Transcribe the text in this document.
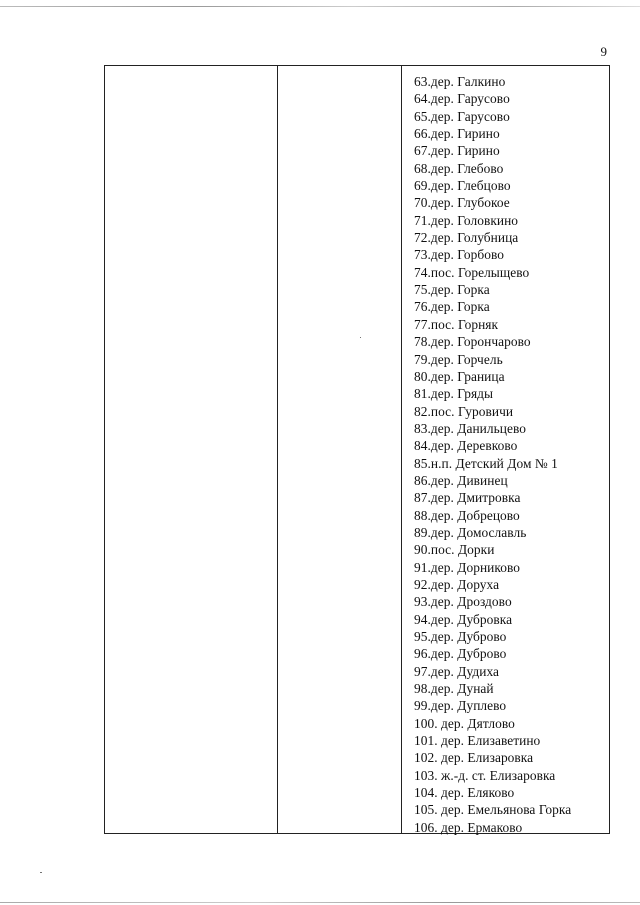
9
63.дер. Галкино
64.дер. Гарусово
65.дер. Гарусово
66.дер. Гирино
67.дер. Гирино
68.дер. Глебово
69.дер. Глебцово
70.дер. Глубокое
71.дер. Головкино
72.дер. Голубница
73.дер. Горбово
74.пос. Горелыщево
75.дер. Горка
76.дер. Горка
77.пос. Горняк
78.дер. Горончарово
79.дер. Горчель
80.дер. Граница
81.дер. Гряды
82.пос. Гуровичи
83.дер. Данильцево
84.дер. Деревково
85.н.п. Детский Дом № 1
86.дер. Дивинец
87.дер. Дмитровка
88.дер. Добрецово
89.дер. Домославль
90.пос. Дорки
91.дер. Дорниково
92.дер. Доруха
93.дер. Дроздово
94.дер. Дубровка
95.дер. Дуброво
96.дер. Дуброво
97.дер. Дудиха
98.дер. Дунай
99.дер. Дуплево
100. дер. Дятлово
101. дер. Елизаветино
102. дер. Елизаровка
103. ж.-д. ст. Елизаровка
104. дер. Еляково
105. дер. Емельянова Горка
106. дер. Ермаково
